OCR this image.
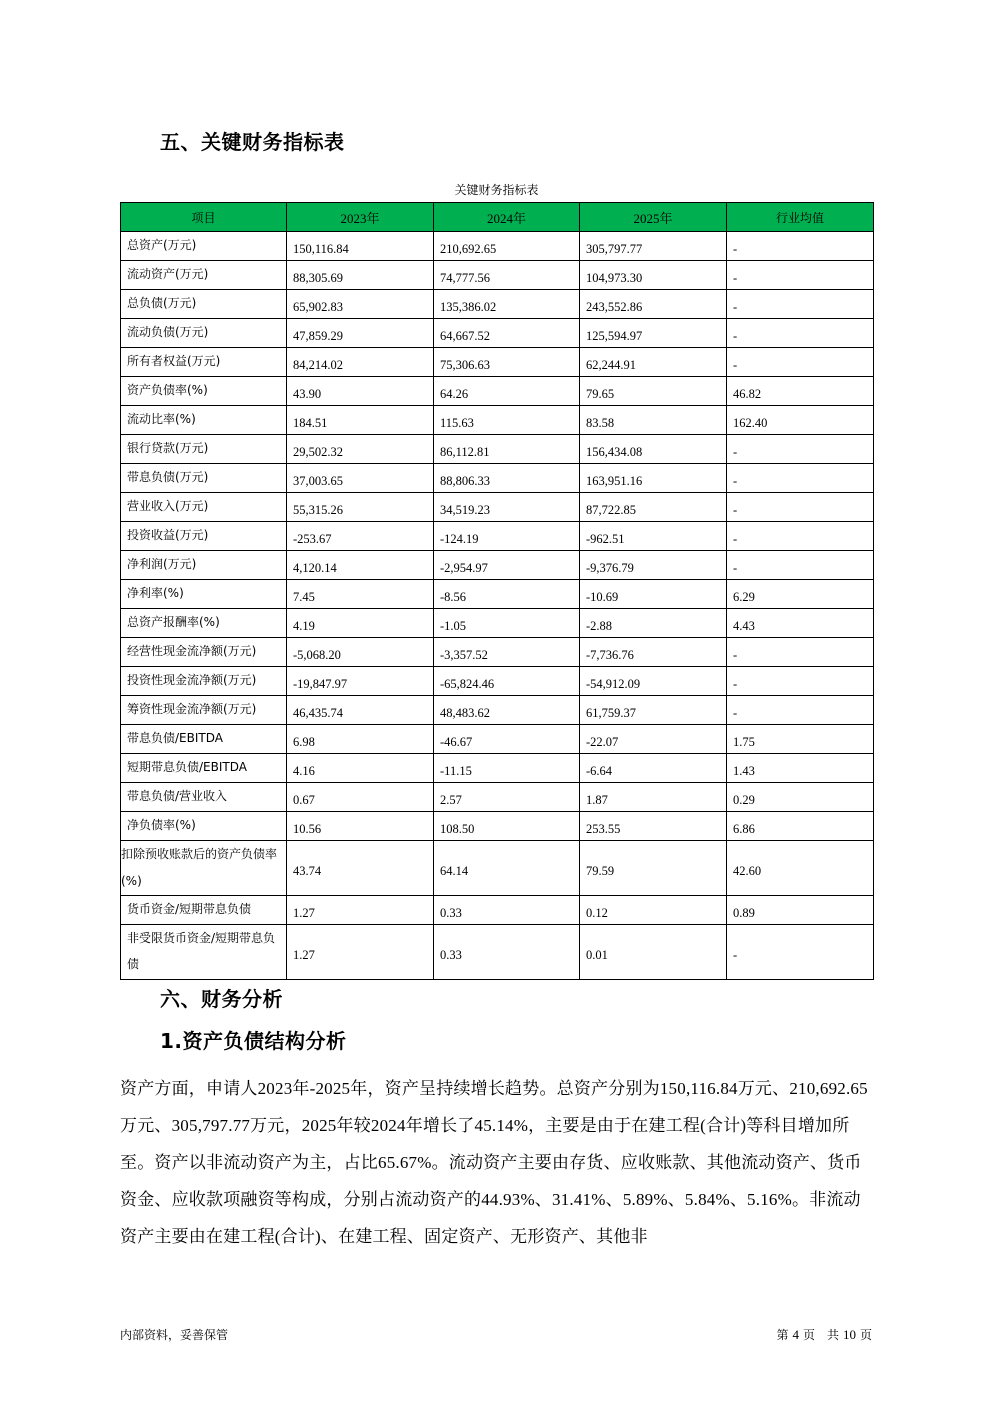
五、关键财务指标表
关键财务指标表
项目	2023年	2024年	2025年	行业均值
总资产(万元)	150,116.84	210,692.65	305,797.77	-
流动资产(万元)	88,305.69	74,777.56	104,973.30	-
总负债(万元)	65,902.83	135,386.02	243,552.86	-
流动负债(万元)	47,859.29	64,667.52	125,594.97	-
所有者权益(万元)	84,214.02	75,306.63	62,244.91	-
资产负债率(%)	43.90	64.26	79.65	46.82
流动比率(%)	184.51	115.63	83.58	162.40
银行贷款(万元)	29,502.32	86,112.81	156,434.08	-
带息负债(万元)	37,003.65	88,806.33	163,951.16	-
营业收入(万元)	55,315.26	34,519.23	87,722.85	-
投资收益(万元)	-253.67	-124.19	-962.51	-
净利润(万元)	4,120.14	-2,954.97	-9,376.79	-
净利率(%)	7.45	-8.56	-10.69	6.29
总资产报酬率(%)	4.19	-1.05	-2.88	4.43
经营性现金流净额(万元)	-5,068.20	-3,357.52	-7,736.76	-
投资性现金流净额(万元)	-19,847.97	-65,824.46	-54,912.09	-
筹资性现金流净额(万元)	46,435.74	48,483.62	61,759.37	-
带息负债/EBITDA	6.98	-46.67	-22.07	1.75
短期带息负债/EBITDA	4.16	-11.15	-6.64	1.43
带息负债/营业收入	0.67	2.57	1.87	0.29
净负债率(%)	10.56	108.50	253.55	6.86
扣除预收账款后的资产负债率(%)	43.74	64.14	79.59	42.60
货币资金/短期带息负债	1.27	0.33	0.12	0.89
非受限货币资金/短期带息负债	1.27	0.33	0.01	-
六、财务分析
1.资产负债结构分析
资产方面，申请人2023年-2025年，资产呈持续增长趋势。总资产分别为150,116.84万元、210,692.65万元、305,797.77万元，2025年较2024年增长了45.14%，主要是由于在建工程(合计)等科目增加所至。资产以非流动资产为主，占比65.67%。流动资产主要由存货、应收账款、其他流动资产、货币资金、应收款项融资等构成，分别占流动资产的44.93%、31.41%、5.89%、5.84%、5.16%。非流动资产主要由在建工程(合计)、在建工程、固定资产、无形资产、其他非
内部资料，妥善保管	第 4 页　共 10 页
